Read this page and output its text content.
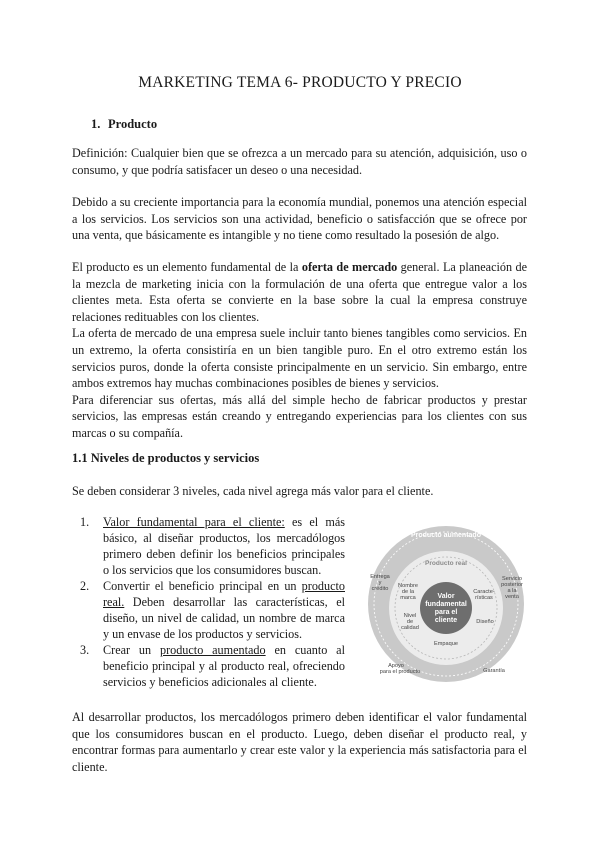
MARKETING TEMA 6- PRODUCTO Y PRECIO
1. Producto

Definición: Cualquier bien que se ofrezca a un mercado para su atención, adquisición, uso o consumo, y que podría satisfacer un deseo o una necesidad.

Debido a su creciente importancia para la economía mundial, ponemos una atención especial a los servicios. Los servicios son una actividad, beneficio o satisfacción que se ofrece por una venta, que básicamente es intangible y no tiene como resultado la posesión de algo.

El producto es un elemento fundamental de la oferta de mercado general. La planeación de la mezcla de marketing inicia con la formulación de una oferta que entregue valor a los clientes meta. Esta oferta se convierte en la base sobre la cual la empresa construye relaciones redituables con los clientes.

La oferta de mercado de una empresa suele incluir tanto bienes tangibles como servicios. En un extremo, la oferta consistiría en un bien tangible puro. En el otro extremo están los servicios puros, donde la oferta consiste principalmente en un servicio. Sin embargo, entre ambos extremos hay muchas combinaciones posibles de bienes y servicios.

Para diferenciar sus ofertas, más allá del simple hecho de fabricar productos y prestar servicios, las empresas están creando y entregando experiencias para los clientes con sus marcas o su compañía.

1.1 Niveles de productos y servicios
Se deben considerar 3 niveles, cada nivel agrega más valor para el cliente.
1. Valor fundamental para el cliente: es el más básico, al diseñar productos, los mercadólogos primero deben definir los beneficios principales o los servicios que los consumidores buscan.
2. Convertir el beneficio principal en un producto real. Deben desarrollar las características, el diseño, un nivel de calidad, un nombre de marca y un envase de los productos y servicios.
3. Crear un producto aumentado en cuanto al beneficio principal y al producto real, ofreciendo servicios y beneficios adicionales al cliente.
Producto aumentado
Producto real
Valor
fundamental
para el
cliente
Entrega
y
crédito
Servicio
posterior
a la
venta
Apoyo
para el producto	Garantía
Nombre
de la
marca
Caracte-
rísticas
Nivel
de
calidad
Diseño
Empaque

Al desarrollar productos, los mercadólogos primero deben identificar el valor fundamental que los consumidores buscan en el producto. Luego, deben diseñar el producto real, y encontrar formas para aumentarlo y crear este valor y la experiencia más satisfactoria para el cliente.
